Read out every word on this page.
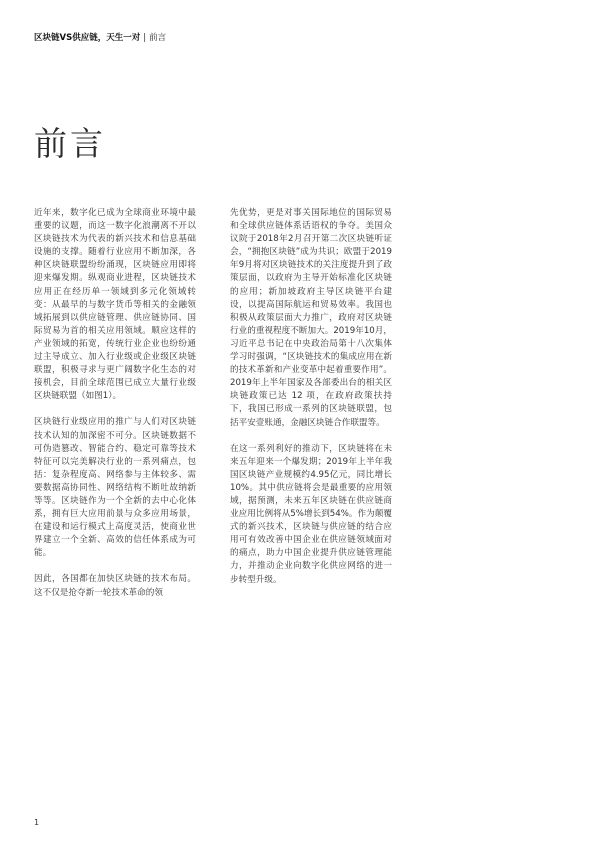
区块链VS供应链，天生一对 | 前言
前言

近年来，数字化已成为全球商业环境中最重要的议题，而这一数字化浪潮离不开以区块链技术为代表的新兴技术和信息基础设施的支撑。随着行业应用不断加深，各种区块链联盟纷纷涌现，区块链应用即将迎来爆发期。纵观商业进程，区块链技术应用正在经历单一领域到多元化领域转变：从最早的与数字货币等相关的金融领域拓展到以供应链管理、供应链协同、国际贸易为首的相关应用领域。顺应这样的产业领域的拓宽，传统行业企业也纷纷通过主导成立、加入行业级或企业级区块链联盟，积极寻求与更广阔数字化生态的对接机会，目前全球范围已成立大量行业级区块链联盟（如图1）。

区块链行业级应用的推广与人们对区块链技术认知的加深密不可分。区块链数据不可伪造篡改、智能合约、稳定可靠等技术特征可以完美解决行业的一系列痛点，包括：复杂程度高、网络参与主体较多、需要数据高协同性、网络结构不断吐故纳新等等。区块链作为一个全新的去中心化体系，拥有巨大应用前景与众多应用场景，在建设和运行模式上高度灵活，使商业世界建立一个全新、高效的信任体系成为可能。

因此，各国都在加快区块链的技术布局。这不仅是抢夺新一轮技术革命的领

先优势，更是对事关国际地位的国际贸易和全球供应链体系话语权的争夺。美国众议院于2018年2月召开第二次区块链听证会，“拥抱区块链”成为共识；欧盟于2019年9月将对区块链技术的关注度提升到了政策层面，以政府为主导开始标准化区块链的应用；新加坡政府主导区块链平台建设，以提高国际航运和贸易效率。我国也积极从政策层面大力推广，政府对区块链行业的重视程度不断加大。2019年10月，习近平总书记在中央政治局第十八次集体学习时强调，“区块链技术的集成应用在新的技术革新和产业变革中起着重要作用”。2019年上半年国家及各部委出台的相关区块链政策已达 12 项，在政府政策扶持下，我国已形成一系列的区块链联盟，包括平安壹账通，金融区块链合作联盟等。

在这一系列利好的推动下，区块链将在未来五年迎来一个爆发期；2019年上半年我国区块链产业规模约4.95亿元，同比增长10%。其中供应链将会是最重要的应用领域，据预测，未来五年区块链在供应链商业应用比例将从5%增长到54%。作为颠覆式的新兴技术，区块链与供应链的结合应用可有效改善中国企业在供应链领域面对的痛点，助力中国企业提升供应链管理能力，并推动企业向数字化供应网络的进一步转型升级。

1
